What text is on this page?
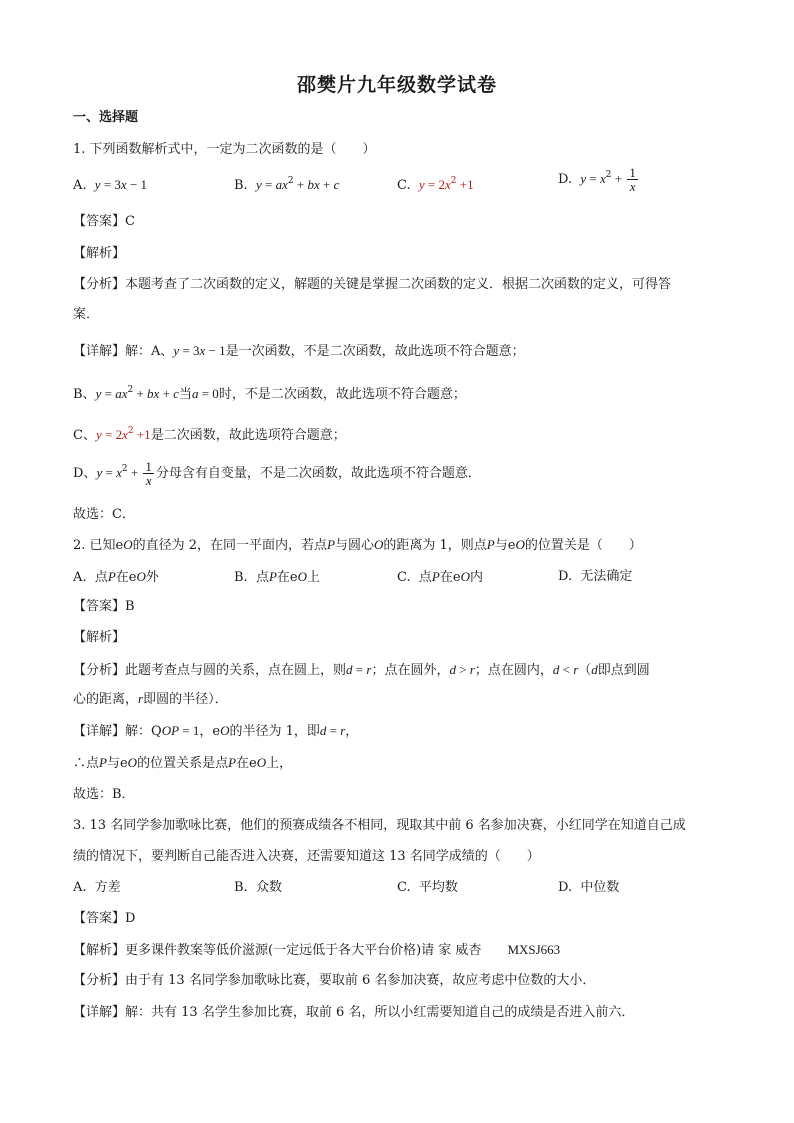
邵樊片九年级数学试卷
一、选择题
1. 下列函数解析式中，一定为二次函数的是（　　）
A. y = 3x − 1	B. $y = ax^2$ + bx + c	C. $y = 2x^2 +1$	D. $y = x^2 + \frac{1}{x}$
【答案】C
【解析】
【分析】本题考查了二次函数的定义，解题的关键是掌握二次函数的定义．根据二次函数的定义，可得答
案．
【详解】解：A、y = 3x − 1是一次函数，不是二次函数，故此选项不符合题意；
B、$y = ax^2$ + bx + c当a = 0时，不是二次函数，故此选项不符合题意；
C、$y = 2x^2 +1$是二次函数，故此选项符合题意；
D、$y = x^2 + \frac{1}{x}$ 分母含有自变量，不是二次函数，故此选项不符合题意．
故选：C．
2. 已知eO的直径为 2，在同一平面内，若点P与圆心O的距离为 1，则点P与eO的位置关是（　　）
A. 点P在eO外	B. 点P在eO上	C. 点P在eO内	D. 无法确定
【答案】B
【解析】
【分析】此题考查点与圆的关系，点在圆上，则d = r；点在圆外，d > r；点在圆内，d < r（d即点到圆
心的距离，r即圆的半径）．
【详解】解：QOP = 1，eO的半径为 1，即d = r，
∴点P与eO的位置关系是点P在eO上，
故选：B．
3. 13 名同学参加歌咏比赛，他们的预赛成绩各不相同，现取其中前 6 名参加决赛，小红同学在知道自己成
绩的情况下，要判断自己能否进入决赛，还需要知道这 13 名同学成绩的（　　）
A. 方差	B. 众数	C. 平均数	D. 中位数
【答案】D
【解析】更多课件教案等低价滋源(一定远低于各大平台价格)请 家 威杏 MXSJ663
【分析】由于有 13 名同学参加歌咏比赛，要取前 6 名参加决赛，故应考虑中位数的大小．
【详解】解：共有 13 名学生参加比赛，取前 6 名，所以小红需要知道自己的成绩是否进入前六．
